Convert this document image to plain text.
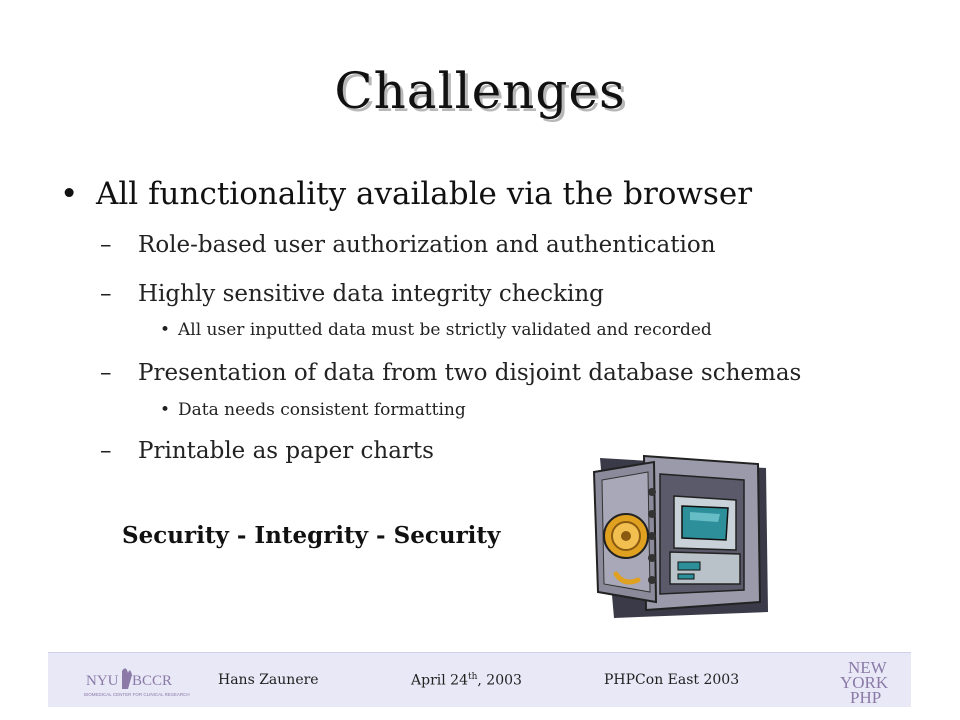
Challenges
• All functionality available via the browser
– Role-based user authorization and authentication
– Highly sensitive data integrity checking
• All user inputted data must be strictly validated and recorded
– Presentation of data from two disjoint database schemas
• Data needs consistent formatting
– Printable as paper charts
Security - Integrity - Security
NYU BCCR
BIOMEDICAL CENTER FOR CLINICAL RESEARCH
Hans Zaunere	April 24th, 2003	PHPCon East 2003
NEW
YORK
PHP
